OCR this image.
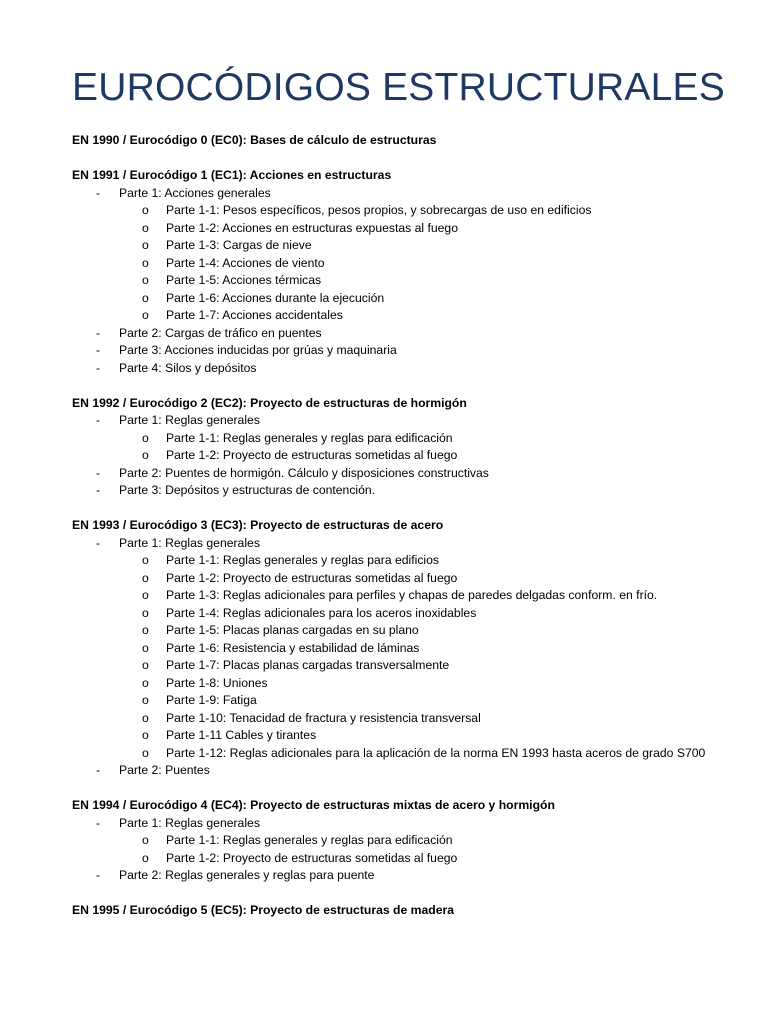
EUROCÓDIGOS ESTRUCTURALES
EN 1990 / Eurocódigo 0 (EC0): Bases de cálculo de estructuras
EN 1991 / Eurocódigo 1 (EC1): Acciones en estructuras
-	Parte 1: Acciones generales
o Parte 1-1: Pesos específicos, pesos propios, y sobrecargas de uso en edificios
o Parte 1-2: Acciones en estructuras expuestas al fuego
o Parte 1-3: Cargas de nieve
o Parte 1-4: Acciones de viento
o Parte 1-5: Acciones térmicas
o Parte 1-6: Acciones durante la ejecución
o Parte 1-7: Acciones accidentales
-	Parte 2: Cargas de tráfico en puentes
-	Parte 3: Acciones inducidas por grúas y maquinaria
-	Parte 4: Silos y depósitos
EN 1992 / Eurocódigo 2 (EC2): Proyecto de estructuras de hormigón
-	Parte 1: Reglas generales
o Parte 1-1: Reglas generales y reglas para edificación
o Parte 1-2: Proyecto de estructuras sometidas al fuego
-	Parte 2: Puentes de hormigón. Cálculo y disposiciones constructivas
-	Parte 3: Depósitos y estructuras de contención.
EN 1993 / Eurocódigo 3 (EC3): Proyecto de estructuras de acero
-	Parte 1: Reglas generales
o Parte 1-1: Reglas generales y reglas para edificios
o Parte 1-2: Proyecto de estructuras sometidas al fuego
o Parte 1-3: Reglas adicionales para perfiles y chapas de paredes delgadas conform. en frío.
o Parte 1-4: Reglas adicionales para los aceros inoxidables
o Parte 1-5: Placas planas cargadas en su plano
o Parte 1-6: Resistencia y estabilidad de láminas
o Parte 1-7: Placas planas cargadas transversalmente
o Parte 1-8: Uniones
o Parte 1-9: Fatiga
o Parte 1-10: Tenacidad de fractura y resistencia transversal
o Parte 1-11 Cables y tirantes
o Parte 1-12: Reglas adicionales para la aplicación de la norma EN 1993 hasta aceros de grado S700
-	Parte 2: Puentes
EN 1994 / Eurocódigo 4 (EC4): Proyecto de estructuras mixtas de acero y hormigón
-	Parte 1: Reglas generales
o Parte 1-1: Reglas generales y reglas para edificación
o Parte 1-2: Proyecto de estructuras sometidas al fuego
-	Parte 2: Reglas generales y reglas para puente
EN 1995 / Eurocódigo 5 (EC5): Proyecto de estructuras de madera
